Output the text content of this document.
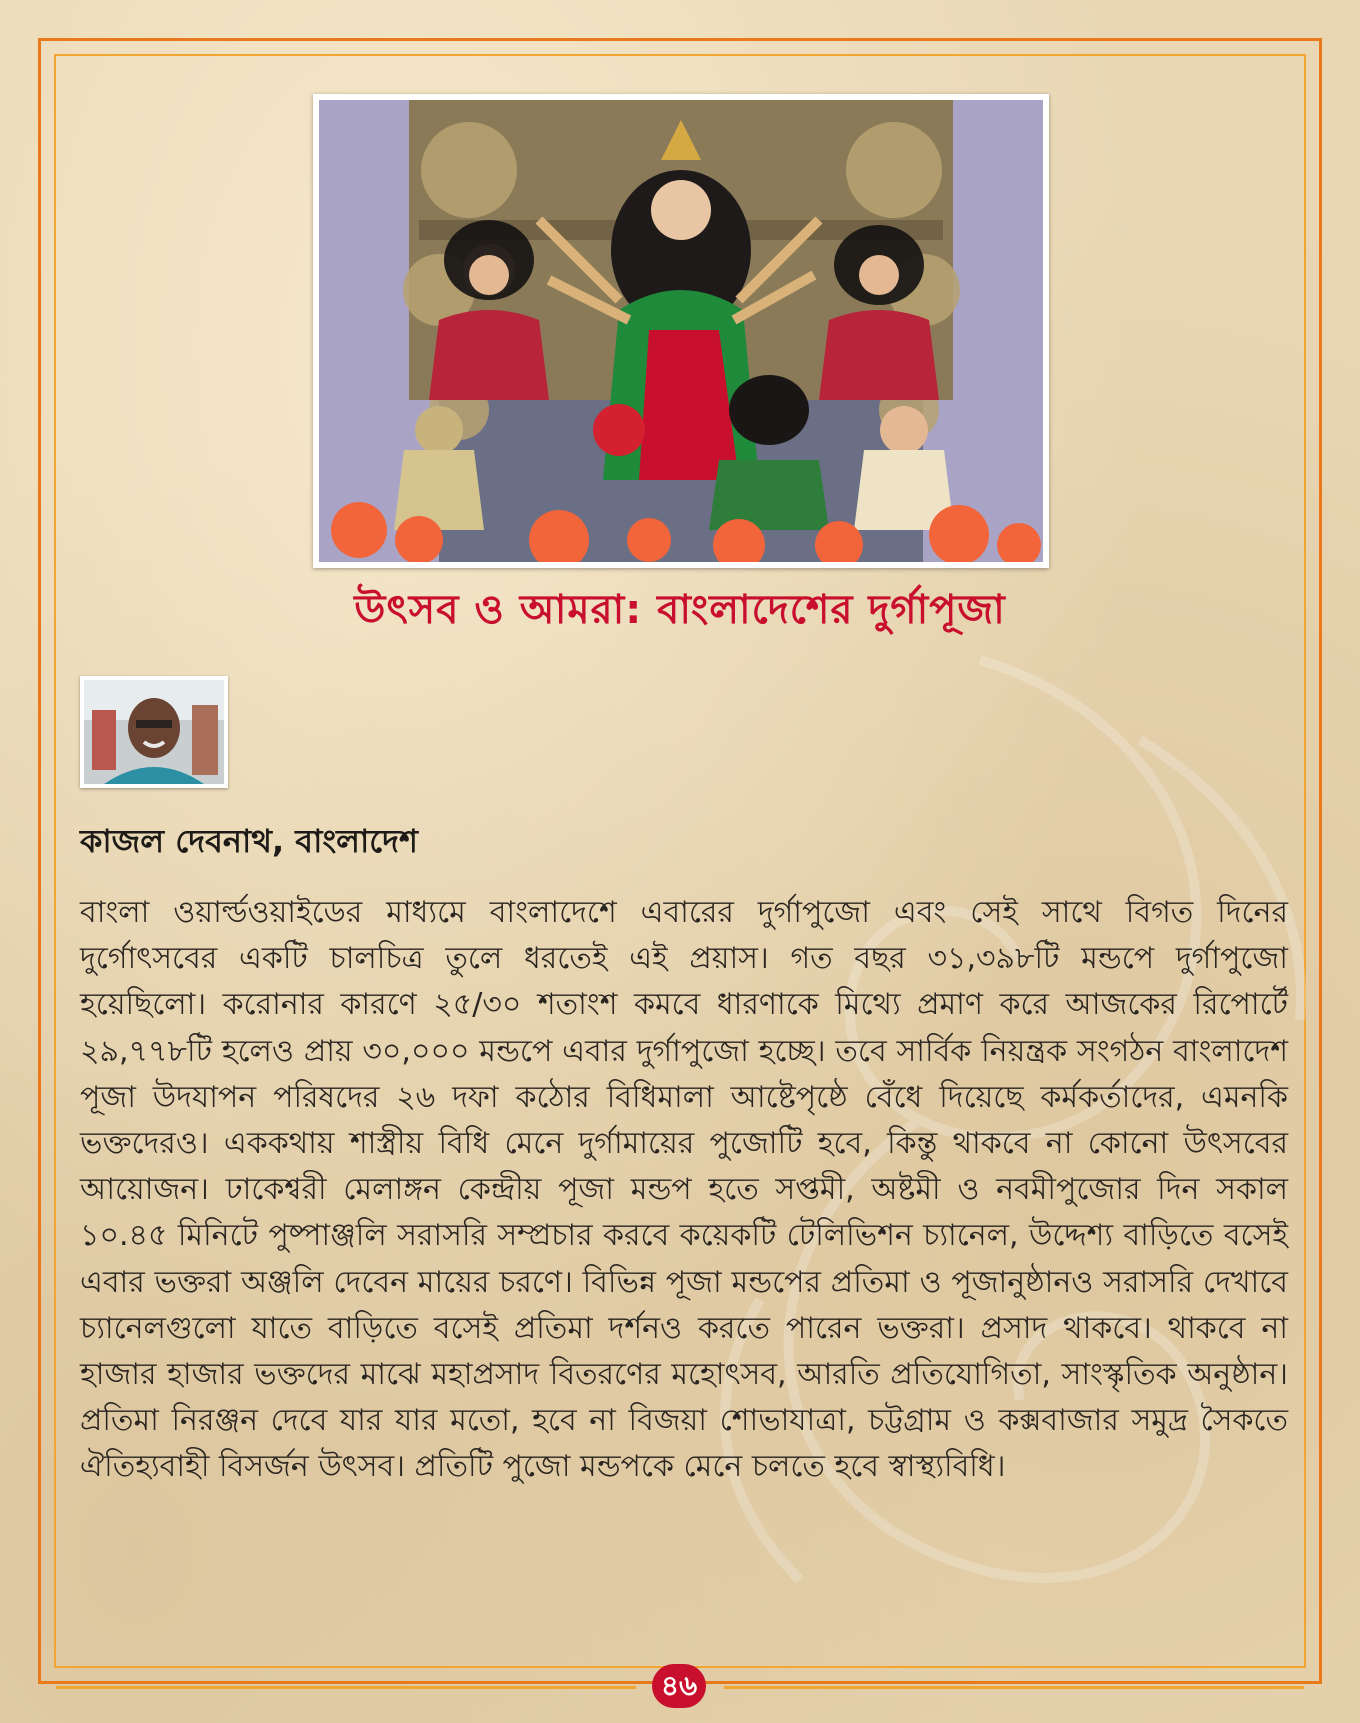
উৎসব ও আমরা: বাংলাদেশের দুর্গাপূজা
কাজল দেবনাথ, বাংলাদেশ

বাংলা ওয়ার্ল্ডওয়াইডের মাধ্যমে বাংলাদেশে এবারের দুর্গাপুজো এবং সেই সাথে বিগত দিনের দুর্গোৎসবের একটি চালচিত্র তুলে ধরতেই এই প্রয়াস। গত বছর ৩১,৩৯৮টি মন্ডপে দুর্গাপুজো হয়েছিলো। করোনার কারণে ২৫/৩০ শতাংশ কমবে ধারণাকে মিথ্যে প্রমাণ করে আজকের রিপোর্টে ২৯,৭৭৮টি হলেও প্রায় ৩০,০০০ মন্ডপে এবার দুর্গাপুজো হচ্ছে। তবে সার্বিক নিয়ন্ত্রক সংগঠন বাংলাদেশ পূজা উদযাপন পরিষদের ২৬ দফা কঠোর বিধিমালা আষ্টেপৃষ্ঠে বেঁধে দিয়েছে কর্মকর্তাদের, এমনকি ভক্তদেরও। এককথায় শাস্ত্রীয় বিধি মেনে দুর্গামায়ের পুজোটি হবে, কিন্তু থাকবে না কোনো উৎসবের আয়োজন। ঢাকেশ্বরী মেলাঙ্গন কেন্দ্রীয় পূজা মন্ডপ হতে সপ্তমী, অষ্টমী ও নবমীপুজোর দিন সকাল ১০.৪৫ মিনিটে পুষ্পাঞ্জলি সরাসরি সম্প্রচার করবে কয়েকটি টেলিভিশন চ্যানেল, উদ্দেশ্য বাড়িতে বসেই এবার ভক্তরা অঞ্জলি দেবেন মায়ের চরণে। বিভিন্ন পূজা মন্ডপের প্রতিমা ও পূজানুষ্ঠানও সরাসরি দেখাবে চ্যানেলগুলো যাতে বাড়িতে বসেই প্রতিমা দর্শনও করতে পারেন ভক্তরা। প্রসাদ থাকবে। থাকবে না হাজার হাজার ভক্তদের মাঝে মহাপ্রসাদ বিতরণের মহোৎসব, আরতি প্রতিযোগিতা, সাংস্কৃতিক অনুষ্ঠান। প্রতিমা নিরঞ্জন দেবে যার যার মতো, হবে না বিজয়া শোভাযাত্রা, চট্টগ্রাম ও কক্সবাজার সমুদ্র সৈকতে ঐতিহ্যবাহী বিসর্জন উৎসব। প্রতিটি পুজো মন্ডপকে মেনে চলতে হবে স্বাস্থ্যবিধি।

৪৬
